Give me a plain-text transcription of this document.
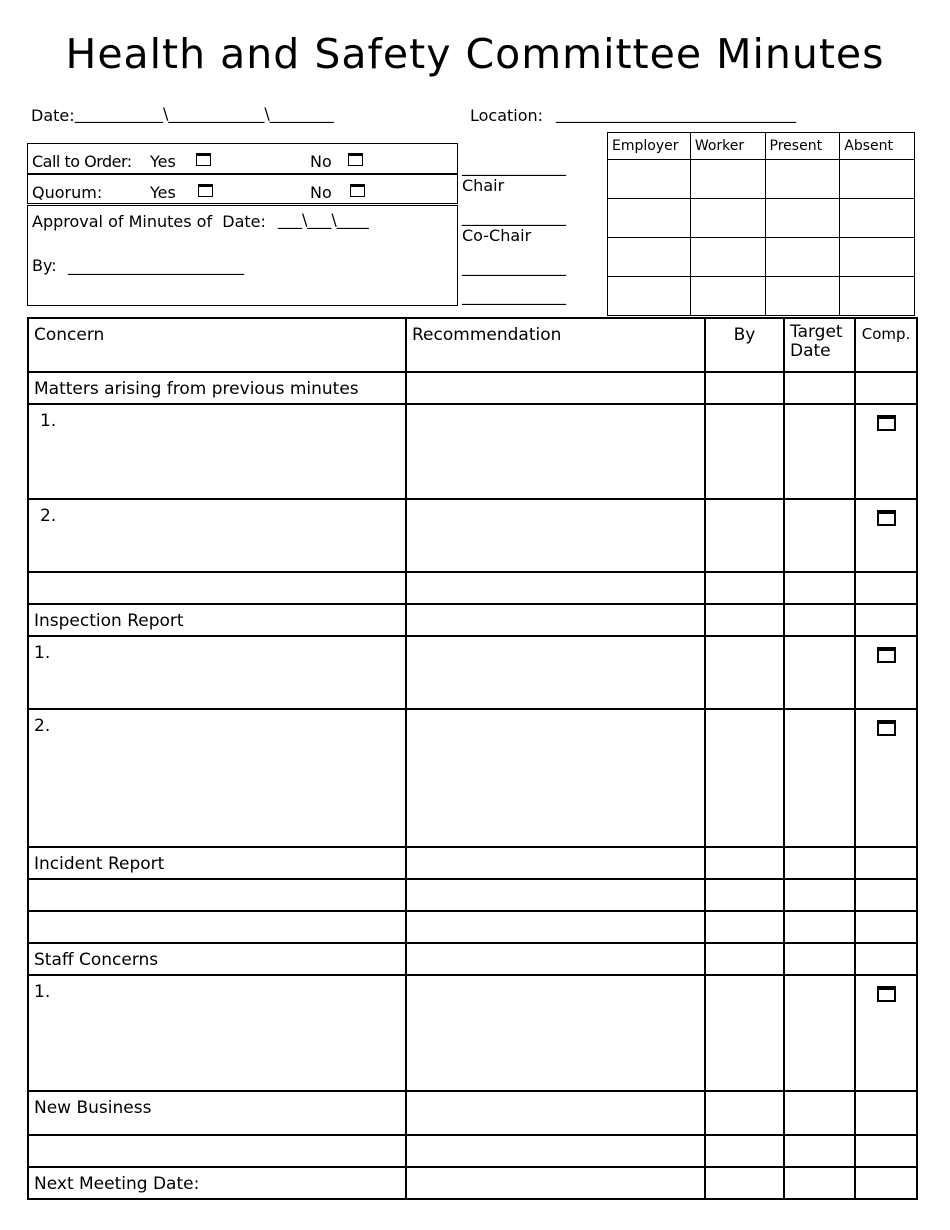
Health and Safety Committee Minutes
Date: ___________\____________\________	Location: ______________________________
Call to Order: Yes	No
Quorum:	Yes	No
Approval of Minutes of  Date: ___\___\____
By: ______________________
_____________
Chair
_____________
Co-Chair
_____________
_____________
Employer	Worker	Present	Absent

Concern	Recommendation	By	Target Date	Comp.
Matters arising from previous minutes				
1.				

2.				

Inspection Report				
1.				

2.				

Incident Report				

Staff Concerns				
1.				

New Business				

Next Meeting Date:				
